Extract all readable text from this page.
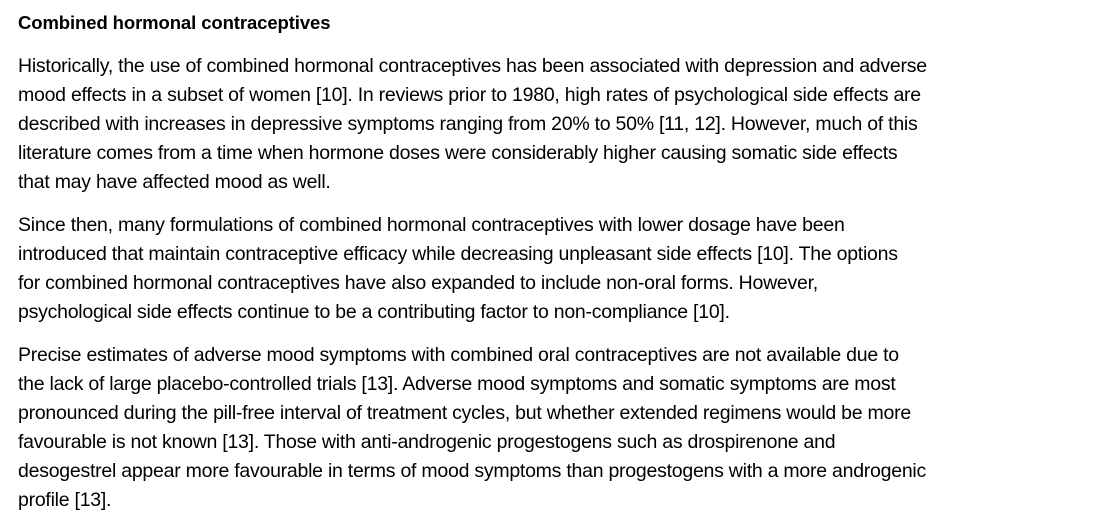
Combined hormonal contraceptives

Historically, the use of combined hormonal contraceptives has been associated with depression and adverse
mood effects in a subset of women [10]. In reviews prior to 1980, high rates of psychological side effects are
described with increases in depressive symptoms ranging from 20% to 50% [11, 12]. However, much of this
literature comes from a time when hormone doses were considerably higher causing somatic side effects
that may have affected mood as well.

Since then, many formulations of combined hormonal contraceptives with lower dosage have been
introduced that maintain contraceptive efficacy while decreasing unpleasant side effects [10]. The options
for combined hormonal contraceptives have also expanded to include non-oral forms. However,
psychological side effects continue to be a contributing factor to non-compliance [10].

Precise estimates of adverse mood symptoms with combined oral contraceptives are not available due to
the lack of large placebo-controlled trials [13]. Adverse mood symptoms and somatic symptoms are most
pronounced during the pill-free interval of treatment cycles, but whether extended regimens would be more
favourable is not known [13]. Those with anti-androgenic progestogens such as drospirenone and
desogestrel appear more favourable in terms of mood symptoms than progestogens with a more androgenic
profile [13].
